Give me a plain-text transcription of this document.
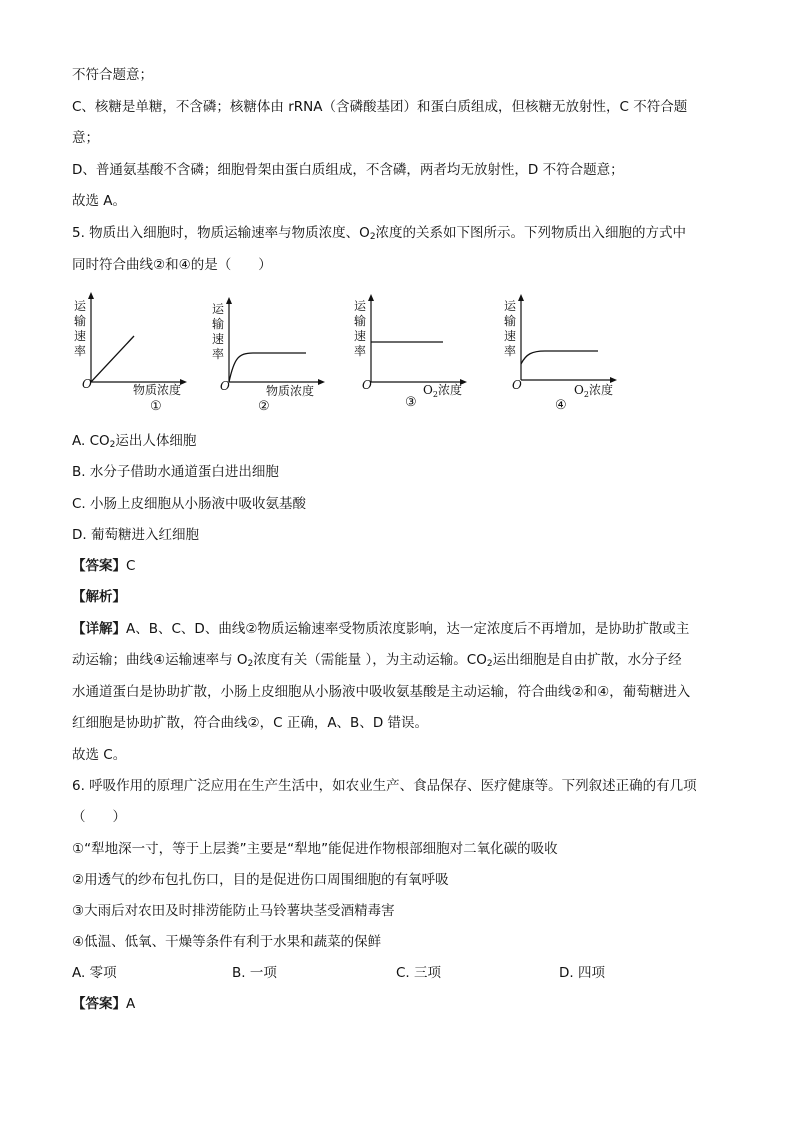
不符合题意；
C、核糖是单糖，不含磷；核糖体由 rRNA（含磷酸基团）和蛋白质组成，但核糖无放射性，C 不符合题
意；
D、普通氨基酸不含磷；细胞骨架由蛋白质组成，不含磷，两者均无放射性，D 不符合题意；
故选 A。
5. 物质出入细胞时，物质运输速率与物质浓度、$O_2$浓度的关系如下图所示。下列物质出入细胞的方式中
同时符合曲线②和④的是（　　）
运
输
速
率
O	物质浓度
①
运
输
速
率
O	物质浓度
②
运
输
速
率
O	$O_2$浓度
③
运
输
速
率
O	$O_2$浓度
④
A. $CO_2$运出人体细胞
B. 水分子借助水通道蛋白进出细胞
C. 小肠上皮细胞从小肠液中吸收氨基酸
D. 葡萄糖进入红细胞
【答案】C
【解析】
【详解】A、B、C、D、曲线②物质运输速率受物质浓度影响，达一定浓度后不再增加，是协助扩散或主
动运输；曲线④运输速率与 $O_2$浓度有关（需能量 ），为主动运输。$CO_2$运出细胞是自由扩散，水分子经
水通道蛋白是协助扩散，小肠上皮细胞从小肠液中吸收氨基酸是主动运输，符合曲线②和④，葡萄糖进入
红细胞是协助扩散，符合曲线②，C 正确，A、B、D 错误。
故选 C。
6. 呼吸作用的原理广泛应用在生产生活中，如农业生产、食品保存、医疗健康等。下列叙述正确的有几项
（　　）
①“犁地深一寸，等于上层粪”主要是“犁地”能促进作物根部细胞对二氧化碳的吸收
②用透气的纱布包扎伤口，目的是促进伤口周围细胞的有氧呼吸
③大雨后对农田及时排涝能防止马铃薯块茎受酒精毒害
④低温、低氧、干燥等条件有利于水果和蔬菜的保鲜
A. 零项	B. 一项	C. 三项	D. 四项
【答案】A
